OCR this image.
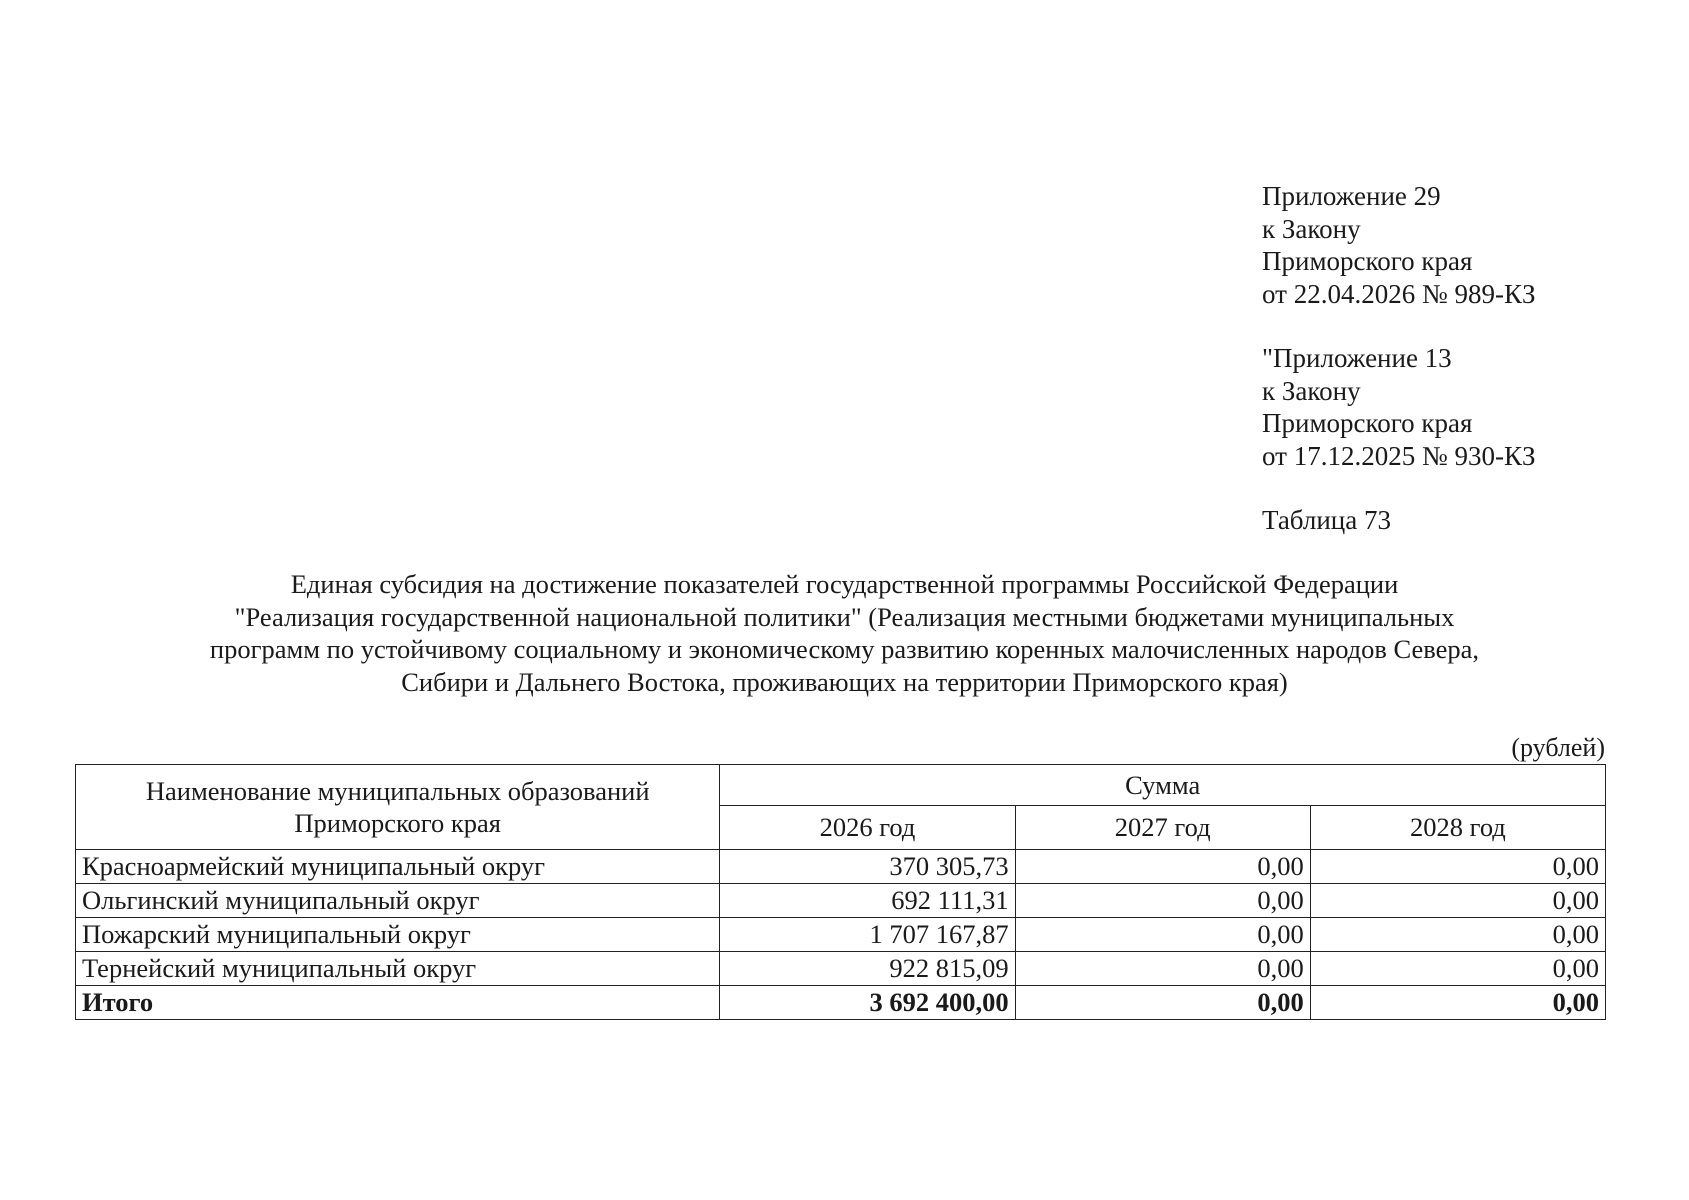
Приложение 29
к Закону
Приморского края
от 22.04.2026 № 989-КЗ
"Приложение 13
к Закону
Приморского края
от 17.12.2025 № 930-КЗ
Таблица 73
Единая субсидия на достижение показателей государственной программы Российской Федерации
"Реализация государственной национальной политики" (Реализация местными бюджетами муниципальных
программ по устойчивому социальному и экономическому развитию коренных малочисленных народов Севера,
Сибири и Дальнего Востока, проживающих на территории Приморского края)
(рублей)
Наименование муниципальных образований
Приморского края	Сумма		
	2026 год	2027 год	2028 год
Красноармейский муниципальный округ	370 305,73	0,00	0,00
Ольгинский муниципальный округ	692 111,31	0,00	0,00
Пожарский муниципальный округ	1 707 167,87	0,00	0,00
Тернейский муниципальный округ	922 815,09	0,00	0,00
Итого	3 692 400,00	0,00	0,00
